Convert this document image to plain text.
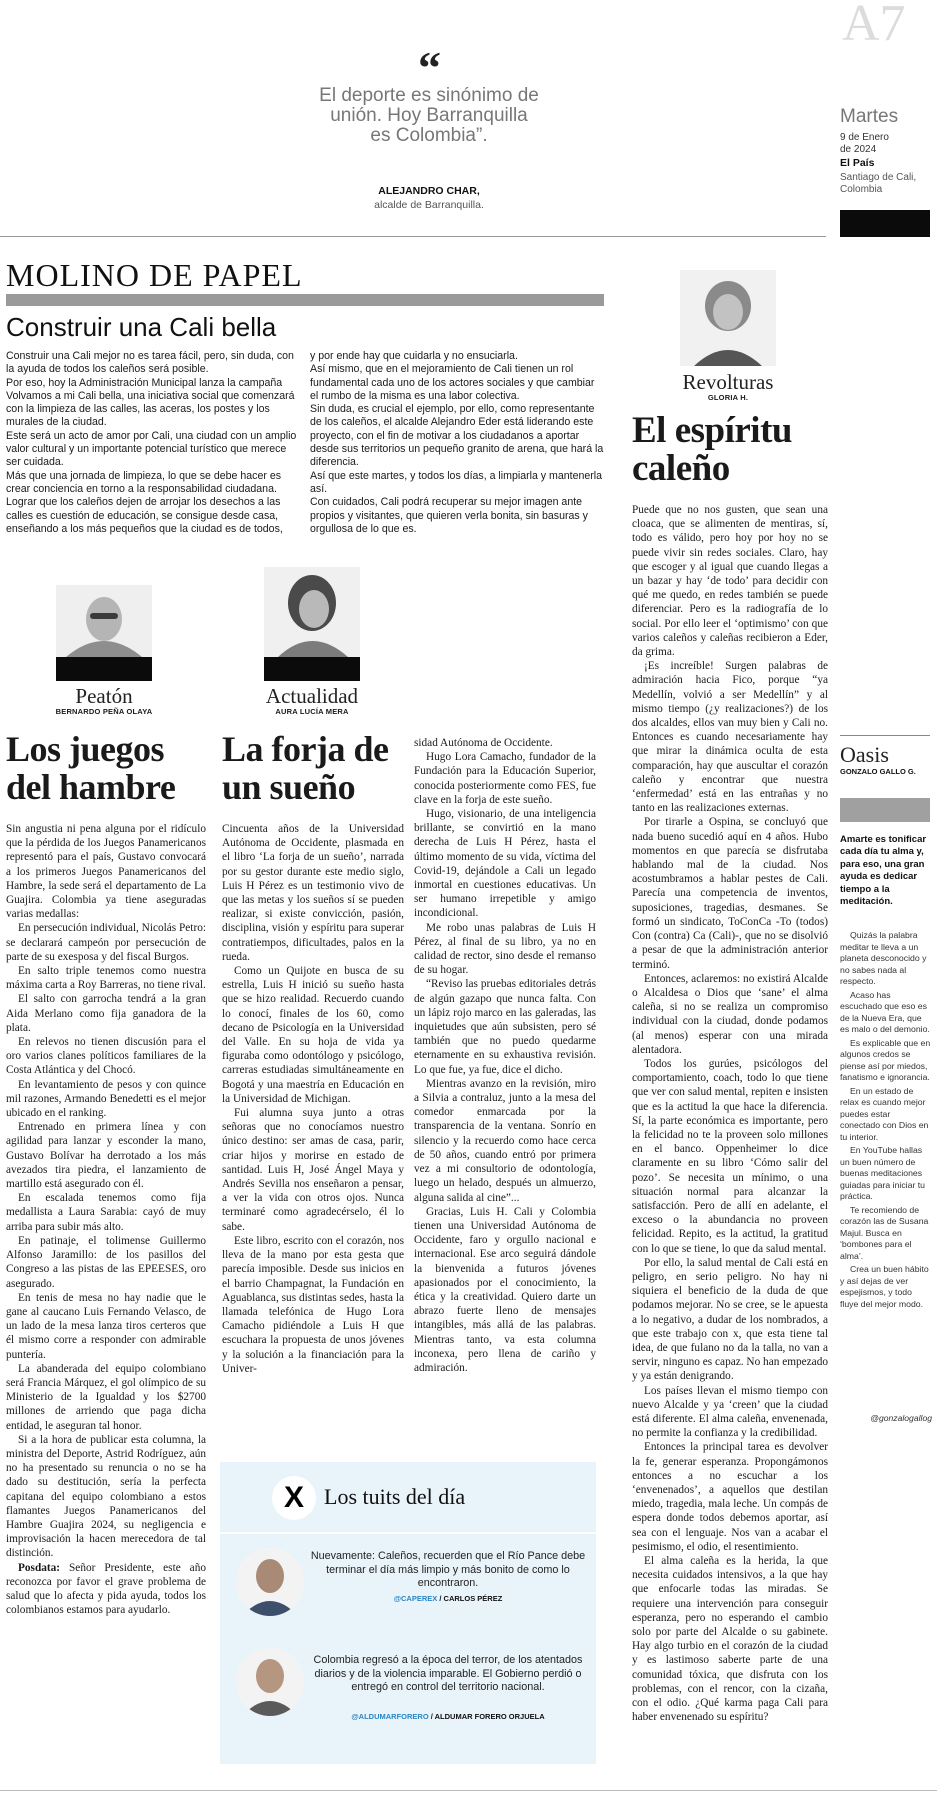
A7
“
El deporte es sinónimo de unión. Hoy Barranquilla es Colombia”.
ALEJANDRO CHAR,
alcalde de Barranquilla.
Martes
9 de Enero
de 2024
El País
Santiago de Cali,
Colombia
MOLINO DE PAPEL
Construir una Cali bella

Construir una Cali mejor no es tarea fácil, pero, sin duda, con la ayuda de todos los caleños será posible.

Por eso, hoy la Administración Municipal lanza la campaña Volvamos a mi Cali bella, una iniciativa social que comenzará con la limpieza de las calles, las aceras, los postes y los murales de la ciudad.

Este será un acto de amor por Cali, una ciudad con un amplio valor cultural y un importante potencial turístico que merece ser cuidada.

Más que una jornada de limpieza, lo que se debe hacer es crear conciencia en torno a la responsabilidad ciudadana.

Lograr que los caleños dejen de arrojar los desechos a las calles es cuestión de educación, se consigue desde casa, enseñando a los más pequeños que la ciudad es de todos,

y por ende hay que cuidarla y no ensuciarla.

Así mismo, que en el mejoramiento de Cali tienen un rol fundamental cada uno de los actores sociales y que cambiar el rumbo de la misma es una labor colectiva.

Sin duda, es crucial el ejemplo, por ello, como representante de los caleños, el alcalde Alejandro Eder está liderando este proyecto, con el fin de motivar a los ciudadanos a aportar desde sus territorios un pequeño granito de arena, que hará la diferencia.

Así que este martes, y todos los días, a limpiarla y mantenerla así.

Con cuidados, Cali podrá recuperar su mejor imagen ante propios y visitantes, que quieren verla bonita, sin basuras y orgullosa de lo que es.

Peatón
BERNARDO PEÑA OLAYA
Los juegos del hambre

Sin angustia ni pena alguna por el ridículo que la pérdida de los Juegos Panamericanos representó para el país, Gustavo convocará a los primeros Juegos Panamericanos del Hambre, la sede será el departamento de La Guajira. Colombia ya tiene aseguradas varias medallas:

En persecución individual, Nicolás Petro: se declarará campeón por persecución de parte de su exesposa y del fiscal Burgos.

En salto triple tenemos como nuestra máxima carta a Roy Barreras, no tiene rival.

El salto con garrocha tendrá a la gran Aida Merlano como fija ganadora de la plata.

En relevos no tienen discusión para el oro varios clanes políticos familiares de la Costa Atlántica y del Chocó.

En levantamiento de pesos y con quince mil razones, Armando Benedetti es el mejor ubicado en el ranking.

Entrenado en primera línea y con agilidad para lanzar y esconder la mano, Gustavo Bolívar ha derrotado a los más avezados tira piedra, el lanzamiento de martillo está asegurado con él.

En escalada tenemos como fija medallista a Laura Sarabia: cayó de muy arriba para subir más alto.

En patinaje, el tolimense Guillermo Alfonso Jaramillo: de los pasillos del Congreso a las pistas de las EPEESES, oro asegurado.

En tenis de mesa no hay nadie que le gane al caucano Luis Fernando Velasco, de un lado de la mesa lanza tiros certeros que él mismo corre a responder con admirable puntería.

La abanderada del equipo colombiano será Francia Márquez, el gol olímpico de su Ministerio de la Igualdad y los $2700 millones de arriendo que paga dicha entidad, le aseguran tal honor.

Si a la hora de publicar esta columna, la ministra del Deporte, Astrid Rodríguez, aún no ha presentado su renuncia o no se ha dado su destitución, sería la perfecta capitana del equipo colombiano a estos flamantes Juegos Panamericanos del Hambre Guajira 2024, su negligencia e improvisación la hacen merecedora de tal distinción.

Posdata: Señor Presidente, este año reconozca por favor el grave problema de salud que lo afecta y pida ayuda, todos los colombianos estamos para ayudarlo.

Actualidad
AURA LUCÍA MERA
La forja de un sueño

Cincuenta años de la Universidad Autónoma de Occidente, plasmada en el libro ‘La forja de un sueño’, narrada por su gestor durante este medio siglo, Luis H Pérez es un testimonio vivo de que las metas y los sueños sí se pueden realizar, si existe convicción, pasión, disciplina, visión y espíritu para superar contratiempos, dificultades, palos en la rueda.

Como un Quijote en busca de su estrella, Luis H inició su sueño hasta que se hizo realidad. Recuerdo cuando lo conocí, finales de los 60, como decano de Psicología en la Universidad del Valle. En su hoja de vida ya figuraba como odontólogo y psicólogo, carreras estudiadas simultáneamente en Bogotá y una maestría en Educación en la Universidad de Michigan.

Fui alumna suya junto a otras señoras que no conocíamos nuestro único destino: ser amas de casa, parir, criar hijos y morirse en estado de santidad. Luis H, José Ángel Maya y Andrés Sevilla nos enseñaron a pensar, a ver la vida con otros ojos. Nunca terminaré como agradecérselo, él lo sabe.

Este libro, escrito con el corazón, nos lleva de la mano por esta gesta que parecía imposible. Desde sus inicios en el barrio Champagnat, la Fundación en Aguablanca, sus distintas sedes, hasta la llamada telefónica de Hugo Lora Camacho pidiéndole a Luis H que escuchara la propuesta de unos jóvenes y la solución a la financiación para la Univer-

sidad Autónoma de Occidente.

Hugo Lora Camacho, fundador de la Fundación para la Educación Superior, conocida posteriormente como FES, fue clave en la forja de este sueño.

Hugo, visionario, de una inteligencia brillante, se convirtió en la mano derecha de Luis H Pérez, hasta el último momento de su vida, víctima del Covid-19, dejándole a Cali un legado inmortal en cuestiones educativas. Un ser humano irrepetible y amigo incondicional.

Me robo unas palabras de Luis H Pérez, al final de su libro, ya no en calidad de rector, sino desde el remanso de su hogar.

“Reviso las pruebas editoriales detrás de algún gazapo que nunca falta. Con un lápiz rojo marco en las galeradas, las inquietudes que aún subsisten, pero sé también que no puedo quedarme eternamente en su exhaustiva revisión. Lo que fue, ya fue, dice el dicho.

Mientras avanzo en la revisión, miro a Silvia a contraluz, junto a la mesa del comedor enmarcada por la transparencia de la ventana. Sonrío en silencio y la recuerdo como hace cerca de 50 años, cuando entró por primera vez a mi consultorio de odontología, luego un helado, después un almuerzo, alguna salida al cine”...

Gracias, Luis H. Cali y Colombia tienen una Universidad Autónoma de Occidente, faro y orgullo nacional e internacional. Ese arco seguirá dándole la bienvenida a futuros jóvenes apasionados por el conocimiento, la ética y la creatividad. Quiero darte un abrazo fuerte lleno de mensajes intangibles, más allá de las palabras. Mientras tanto, va esta columna inconexa, pero llena de cariño y admiración.

X Los tuits del día
Nuevamente: Caleños, recuerden que el Río Pance debe terminar el día más limpio y más bonito de como lo encontraron.
@CAPEREX / CARLOS PÉREZ
Colombia regresó a la época del terror, de los atentados diarios y de la violencia imparable. El Gobierno perdió o entregó en control del territorio nacional.
@ALDUMARFORERO / ALDUMAR FORERO ORJUELA
Revolturas
GLORIA H.
El espíritu caleño

Puede que no nos gusten, que sean una cloaca, que se alimenten de mentiras, sí, todo es válido, pero hoy por hoy no se puede vivir sin redes sociales. Claro, hay que escoger y al igual que cuando llegas a un bazar y hay ‘de todo’ para decidir con qué me quedo, en redes también se puede diferenciar. Pero es la radiografía de lo social. Por ello leer el ‘optimismo’ con que varios caleños y caleñas recibieron a Eder, da grima.

¡Es increíble! Surgen palabras de admiración hacia Fico, porque “ya Medellín, volvió a ser Medellín” y al mismo tiempo (¿y realizaciones?) de los dos alcaldes, ellos van muy bien y Cali no. Entonces es cuando necesariamente hay que mirar la dinámica oculta de esta comparación, hay que auscultar el corazón caleño y encontrar que nuestra ‘enfermedad’ está en las entrañas y no tanto en las realizaciones externas.

Por tirarle a Ospina, se concluyó que nada bueno sucedió aquí en 4 años. Hubo momentos en que parecía se disfrutaba hablando mal de la ciudad. Nos acostumbramos a hablar pestes de Cali. Parecía una competencia de inventos, suposiciones, tragedias, desmanes. Se formó un sindicato, ToConCa -To (todos) Con (contra) Ca (Cali)-, que no se disolvió a pesar de que la administración anterior terminó.

Entonces, aclaremos: no existirá Alcalde o Alcaldesa o Dios que ‘sane’ el alma caleña, si no se realiza un compromiso individual con la ciudad, donde podamos (al menos) esperar con una mirada alentadora.

Todos los gurúes, psicólogos del comportamiento, coach, todo lo que tiene que ver con salud mental, repiten e insisten que es la actitud la que hace la diferencia. Sí, la parte económica es importante, pero la felicidad no te la proveen solo millones en el banco. Oppenheimer lo dice claramente en su libro ‘Cómo salir del pozo’. Se necesita un mínimo, o una situación normal para alcanzar la satisfacción. Pero de allí en adelante, el exceso o la abundancia no proveen felicidad. Repito, es la actitud, la gratitud con lo que se tiene, lo que da salud mental.

Por ello, la salud mental de Cali está en peligro, en serio peligro. No hay ni siquiera el beneficio de la duda de que podamos mejorar. No se cree, se le apuesta a lo negativo, a dudar de los nombrados, a que este trabajo con x, que esta tiene tal idea, de que fulano no da la talla, no van a servir, ninguno es capaz. No han empezado y ya están denigrando.

Los países llevan el mismo tiempo con nuevo Alcalde y ya ‘creen’ que la ciudad está diferente. El alma caleña, envenenada, no permite la confianza y la credibilidad.

Entonces la principal tarea es devolver la fe, generar esperanza. Propongámonos entonces a no escuchar a los ‘envenenados’, a aquellos que destilan miedo, tragedia, mala leche. Un compás de espera donde todos debemos aportar, así sea con el lenguaje. Nos van a acabar el pesimismo, el odio, el resentimiento.

El alma caleña es la herida, la que necesita cuidados intensivos, a la que hay que enfocarle todas las miradas. Se requiere una intervención para conseguir esperanza, pero no esperando el cambio solo por parte del Alcalde o su gabinete. Hay algo turbio en el corazón de la ciudad y es lastimoso saberte parte de una comunidad tóxica, que disfruta con los problemas, con el rencor, con la cizaña, con el odio. ¿Qué karma paga Cali para haber envenenado su espíritu?

Oasis
GONZALO GALLO G.
Amarte es tonificar cada día tu alma y, para eso, una gran ayuda es dedicar tiempo a la meditación.

Quizás la palabra meditar te lleva a un planeta desconocido y no sabes nada al respecto.

Acaso has escuchado que eso es de la Nueva Era, que es malo o del demonio.

Es explicable que en algunos credos se piense así por miedos, fanatismo e ignorancia.

En un estado de relax es cuando mejor puedes estar conectado con Dios en tu interior.

En YouTube hallas un buen número de buenas meditaciones guiadas para iniciar tu práctica.

Te recomiendo de corazón las de Susana Majul. Busca en ‘bombones para el alma’.

Crea un buen hábito y así dejas de ver espejismos, y todo fluye del mejor modo.

@gonzalogallog
